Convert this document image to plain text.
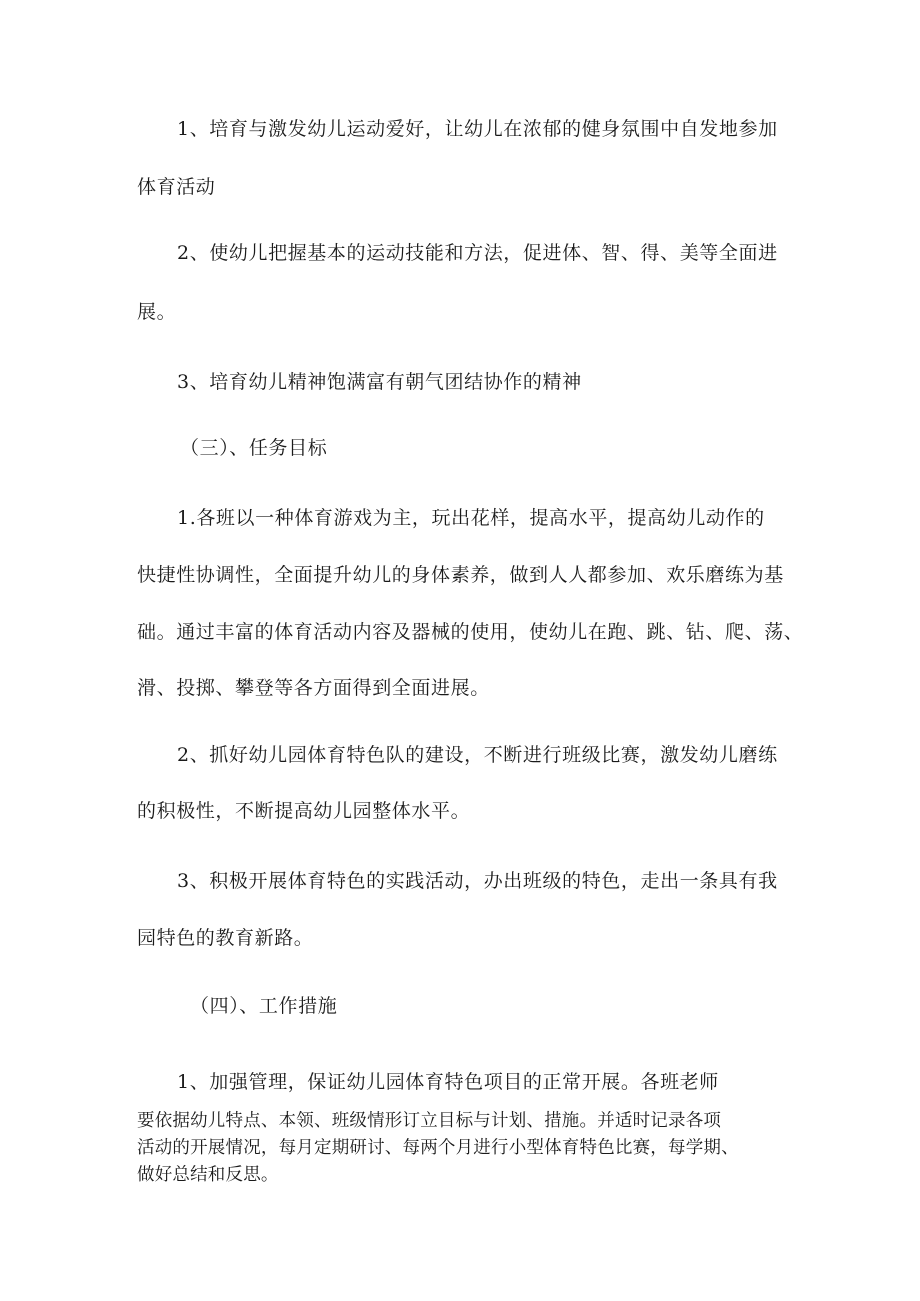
1、培育与激发幼儿运动爱好，让幼儿在浓郁的健身氛围中自发地参加
体育活动
2、使幼儿把握基本的运动技能和方法，促进体、智、得、美等全面进
展。
3、培育幼儿精神饱满富有朝气团结协作的精神
（三）、任务目标
1.各班以一种体育游戏为主，玩出花样，提高水平，提高幼儿动作的
快捷性协调性，全面提升幼儿的身体素养，做到人人都参加、欢乐磨练为基
础。通过丰富的体育活动内容及器械的使用，使幼儿在跑、跳、钻、爬、荡、
滑、投掷、攀登等各方面得到全面进展。
2、抓好幼儿园体育特色队的建设，不断进行班级比赛，激发幼儿磨练
的积极性，不断提高幼儿园整体水平。
3、积极开展体育特色的实践活动，办出班级的特色，走出一条具有我
园特色的教育新路。
（四）、工作措施
1、加强管理，保证幼儿园体育特色项目的正常开展。各班老师
要依据幼儿特点、本领、班级情形订立目标与计划、措施。并适时记录各项
活动的开展情况，每月定期研讨、每两个月进行小型体育特色比赛，每学期、
做好总结和反思。
